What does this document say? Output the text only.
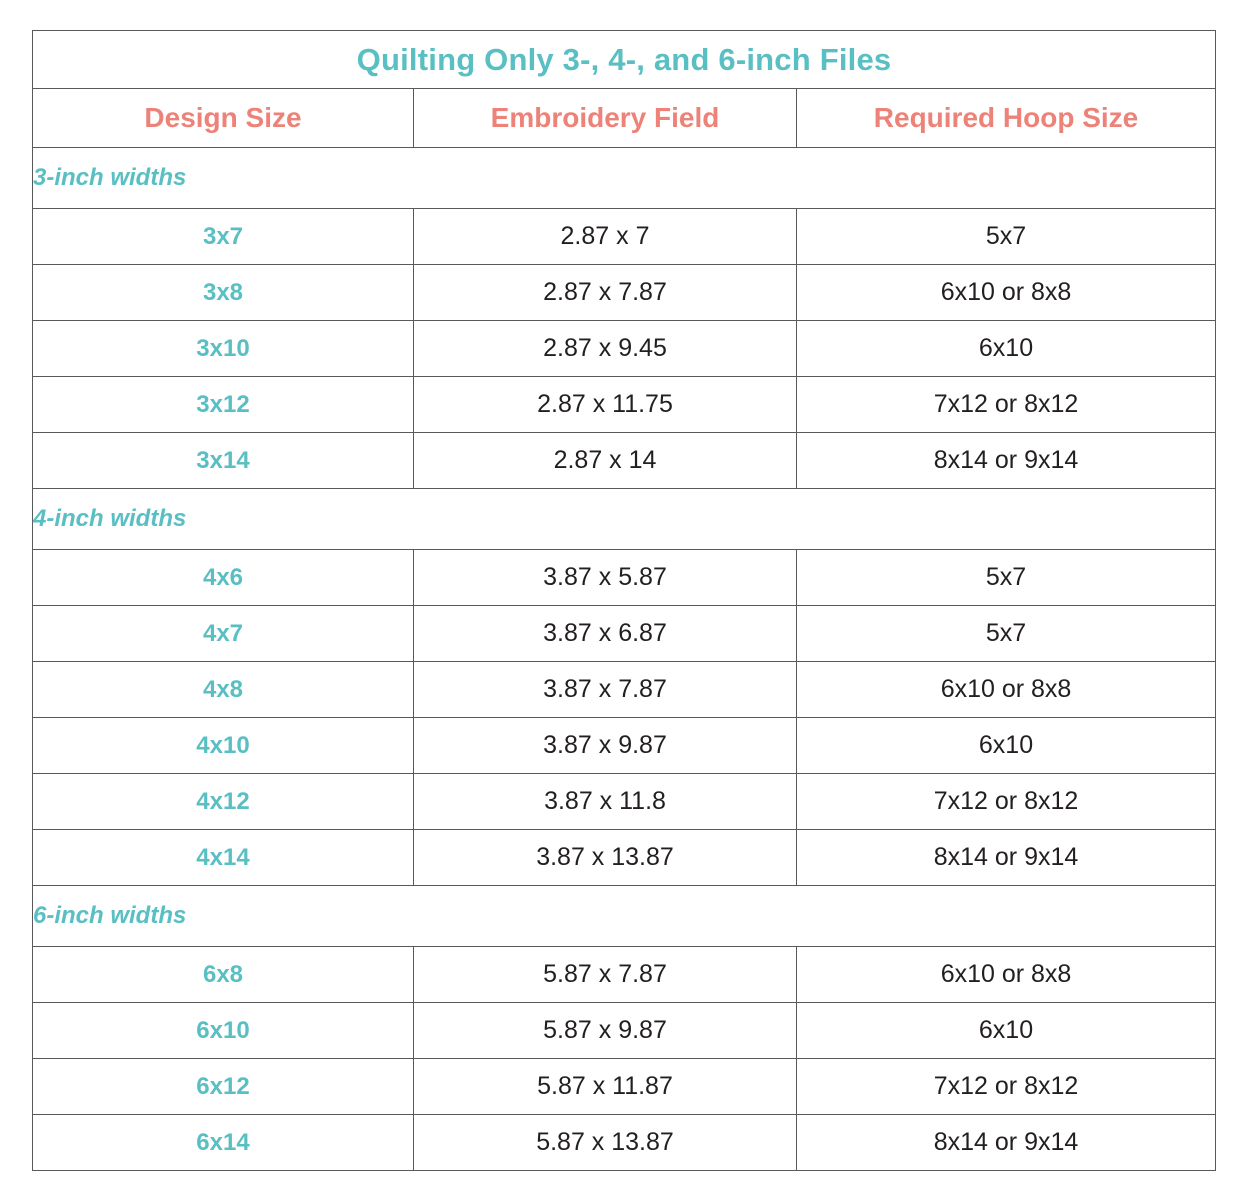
Quilting Only 3-, 4-, and 6-inch Files		
Design Size	Embroidery Field	Required Hoop Size
3-inch widths		
3x7	2.87 x 7	5x7
3x8	2.87 x 7.87	6x10 or 8x8
3x10	2.87 x 9.45	6x10
3x12	2.87 x 11.75	7x12 or 8x12
3x14	2.87 x 14	8x14 or 9x14
4-inch widths		
4x6	3.87 x 5.87	5x7
4x7	3.87 x 6.87	5x7
4x8	3.87 x 7.87	6x10 or 8x8
4x10	3.87 x 9.87	6x10
4x12	3.87 x 11.8	7x12 or 8x12
4x14	3.87 x 13.87	8x14 or 9x14
6-inch widths		
6x8	5.87 x 7.87	6x10 or 8x8
6x10	5.87 x 9.87	6x10
6x12	5.87 x 11.87	7x12 or 8x12
6x14	5.87 x 13.87	8x14 or 9x14
